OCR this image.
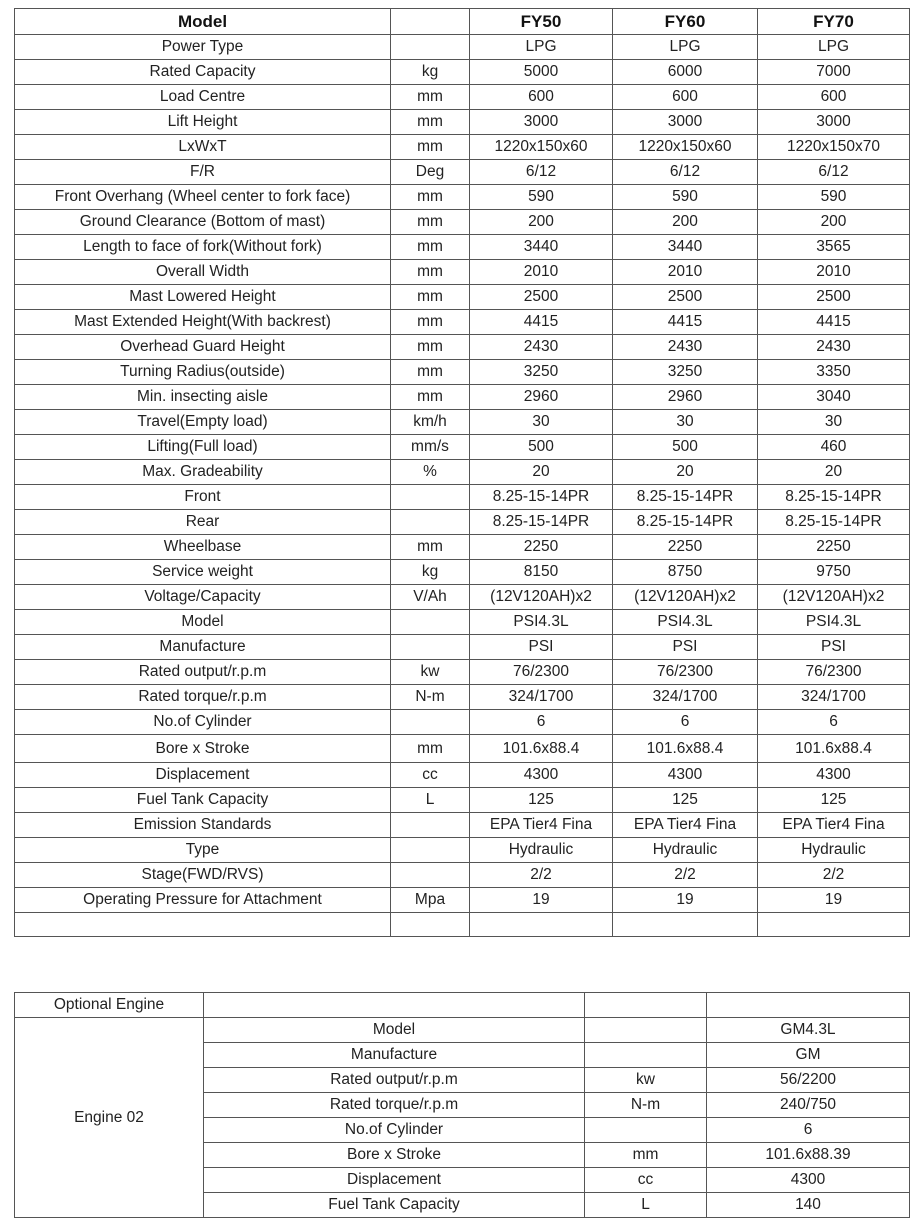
Model		FY50	FY60	FY70
Power Type		LPG	LPG	LPG
Rated Capacity	kg	5000	6000	7000
Load Centre	mm	600	600	600
Lift Height	mm	3000	3000	3000
LxWxT	mm	1220x150x60	1220x150x60	1220x150x70
F/R	Deg	6/12	6/12	6/12
Front Overhang (Wheel center to fork face)	mm	590	590	590
Ground Clearance (Bottom of mast)	mm	200	200	200
Length to face of fork(Without fork)	mm	3440	3440	3565
Overall Width	mm	2010	2010	2010
Mast Lowered Height	mm	2500	2500	2500
Mast Extended Height(With backrest)	mm	4415	4415	4415
Overhead Guard Height	mm	2430	2430	2430
Turning Radius(outside)	mm	3250	3250	3350
Min. insecting aisle	mm	2960	2960	3040
Travel(Empty load)	km/h	30	30	30
Lifting(Full load)	mm/s	500	500	460
Max. Gradeability	%	20	20	20
Front		8.25-15-14PR	8.25-15-14PR	8.25-15-14PR
Rear		8.25-15-14PR	8.25-15-14PR	8.25-15-14PR
Wheelbase	mm	2250	2250	2250
Service weight	kg	8150	8750	9750
Voltage/Capacity	V/Ah	(12V120AH)x2	(12V120AH)x2	(12V120AH)x2
Model		PSI4.3L	PSI4.3L	PSI4.3L
Manufacture		PSI	PSI	PSI
Rated output/r.p.m	kw	76/2300	76/2300	76/2300
Rated torque/r.p.m	N-m	324/1700	324/1700	324/1700
No.of Cylinder		6	6	6
Bore x Stroke	mm	101.6x88.4	101.6x88.4	101.6x88.4
Displacement	cc	4300	4300	4300
Fuel Tank Capacity	L	125	125	125
Emission Standards		EPA Tier4 Fina	EPA Tier4 Fina	EPA Tier4 Fina
Type		Hydraulic	Hydraulic	Hydraulic
Stage(FWD/RVS)		2/2	2/2	2/2
Operating Pressure for Attachment	Mpa	19	19	19

Optional Engine			
Engine 02	Model		GM4.3L
	Manufacture		GM
	Rated output/r.p.m	kw	56/2200
	Rated torque/r.p.m	N-m	240/750
	No.of Cylinder		6
	Bore x Stroke	mm	101.6x88.39
	Displacement	cc	4300
	Fuel Tank Capacity	L	140
